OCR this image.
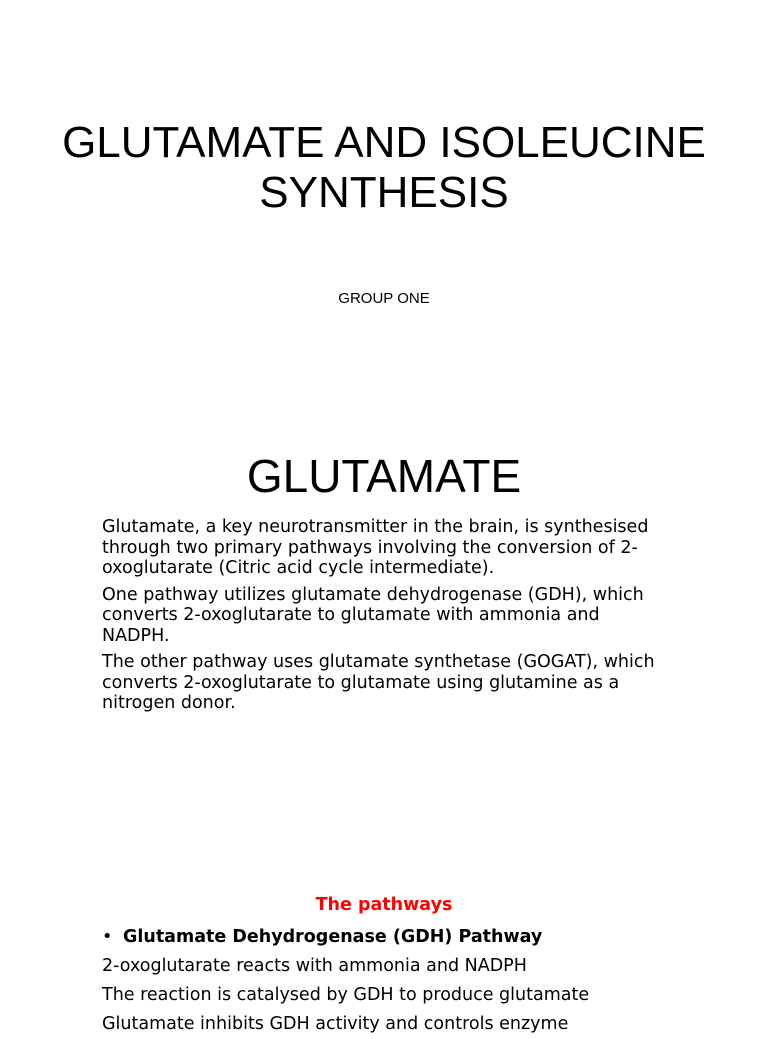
GLUTAMATE AND ISOLEUCINE SYNTHESIS

GROUP ONE

GLUTAMATE

Glutamate, a key neurotransmitter in the brain, is synthesised through two primary pathways involving the conversion of 2-oxoglutarate (Citric acid cycle intermediate).

One pathway utilizes glutamate dehydrogenase (GDH), which converts 2-oxoglutarate to glutamate with ammonia and NADPH.

The other pathway uses glutamate synthetase (GOGAT), which converts 2-oxoglutarate to glutamate using glutamine as a nitrogen donor.

The pathways
• Glutamate Dehydrogenase (GDH) Pathway
2-oxoglutarate reacts with ammonia and NADPH
The reaction is catalysed by GDH to produce glutamate
Glutamate inhibits GDH activity and controls enzyme
